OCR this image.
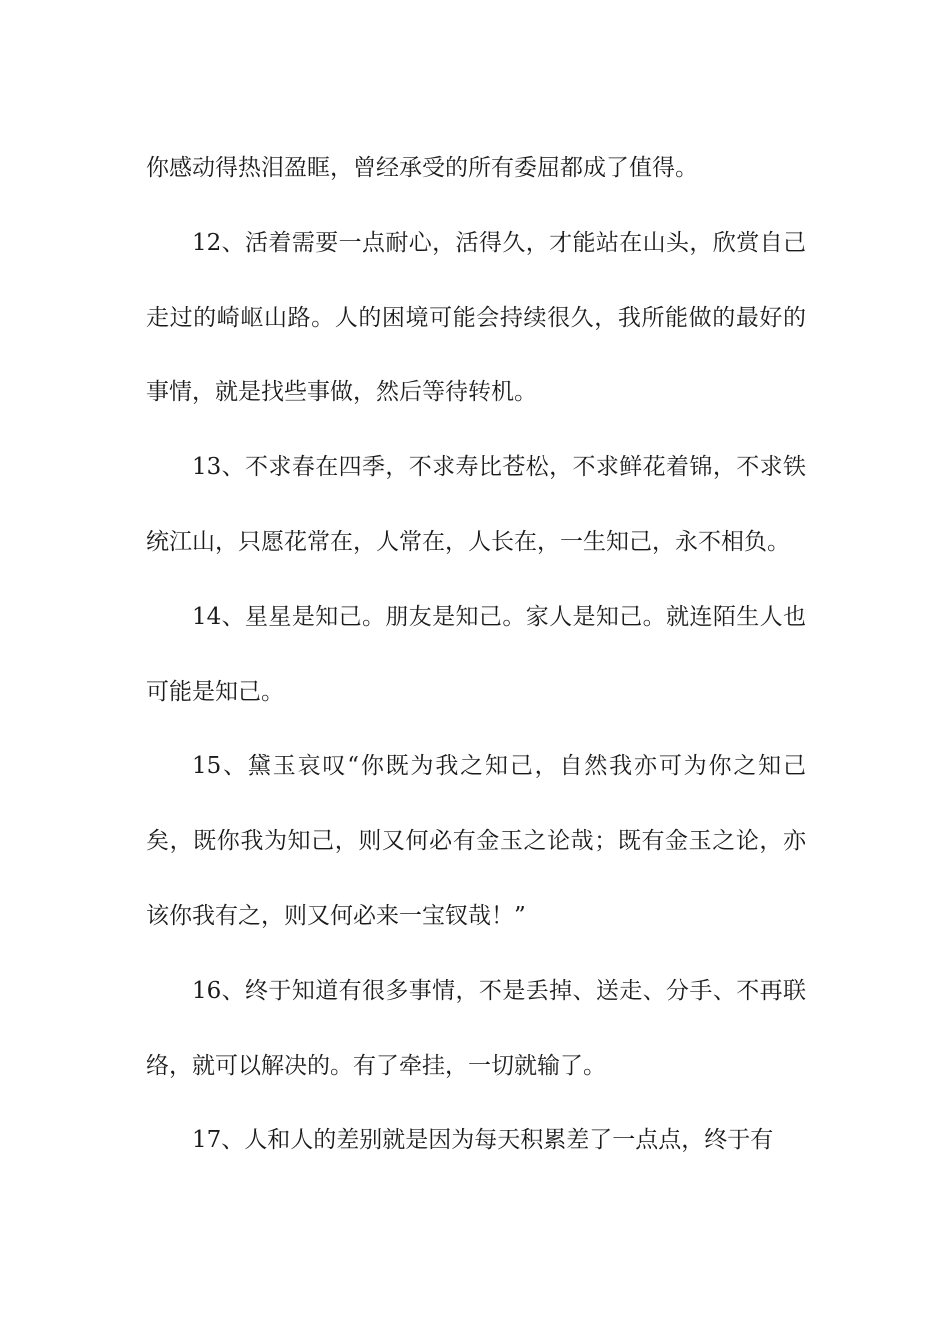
你感动得热泪盈眶，曾经承受的所有委屈都成了值得。

12、活着需要一点耐心，活得久，才能站在山头，欣赏自己走过的崎岖山路。人的困境可能会持续很久，我所能做的最好的事情，就是找些事做，然后等待转机。

13、不求春在四季，不求寿比苍松，不求鲜花着锦，不求铁统江山，只愿花常在，人常在，人长在，一生知己，永不相负。

14、星星是知己。朋友是知己。家人是知己。就连陌生人也可能是知己。

15、黛玉哀叹“你既为我之知己，自然我亦可为你之知己矣，既你我为知己，则又何必有金玉之论哉；既有金玉之论，亦该你我有之，则又何必来一宝钗哉！”

16、终于知道有很多事情，不是丢掉、送走、分手、不再联络，就可以解决的。有了牵挂，一切就输了。

17、人和人的差别就是因为每天积累差了一点点，终于有
